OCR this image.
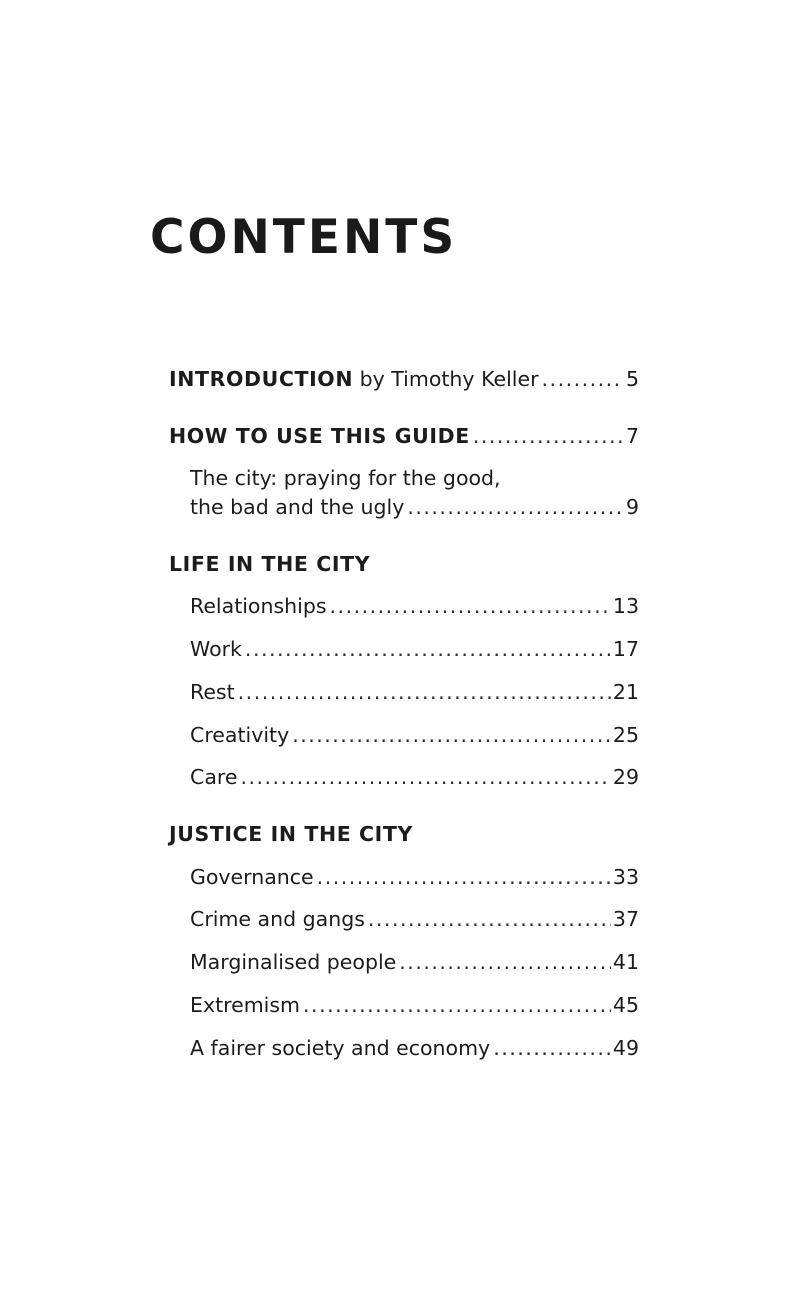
CONTENTS
INTRODUCTION by Timothy Keller .....	5
HOW TO USE THIS GUIDE .....	7
The city: praying for the good,
the bad and the ugly .....	9
LIFE IN THE CITY
Relationships .....	13
Work .....	17
Rest .....	21
Creativity .....	25
Care .....	29
JUSTICE IN THE CITY
Governance .....	33
Crime and gangs .....	37
Marginalised people .....	41
Extremism .....	45
A fairer society and economy .....	49
